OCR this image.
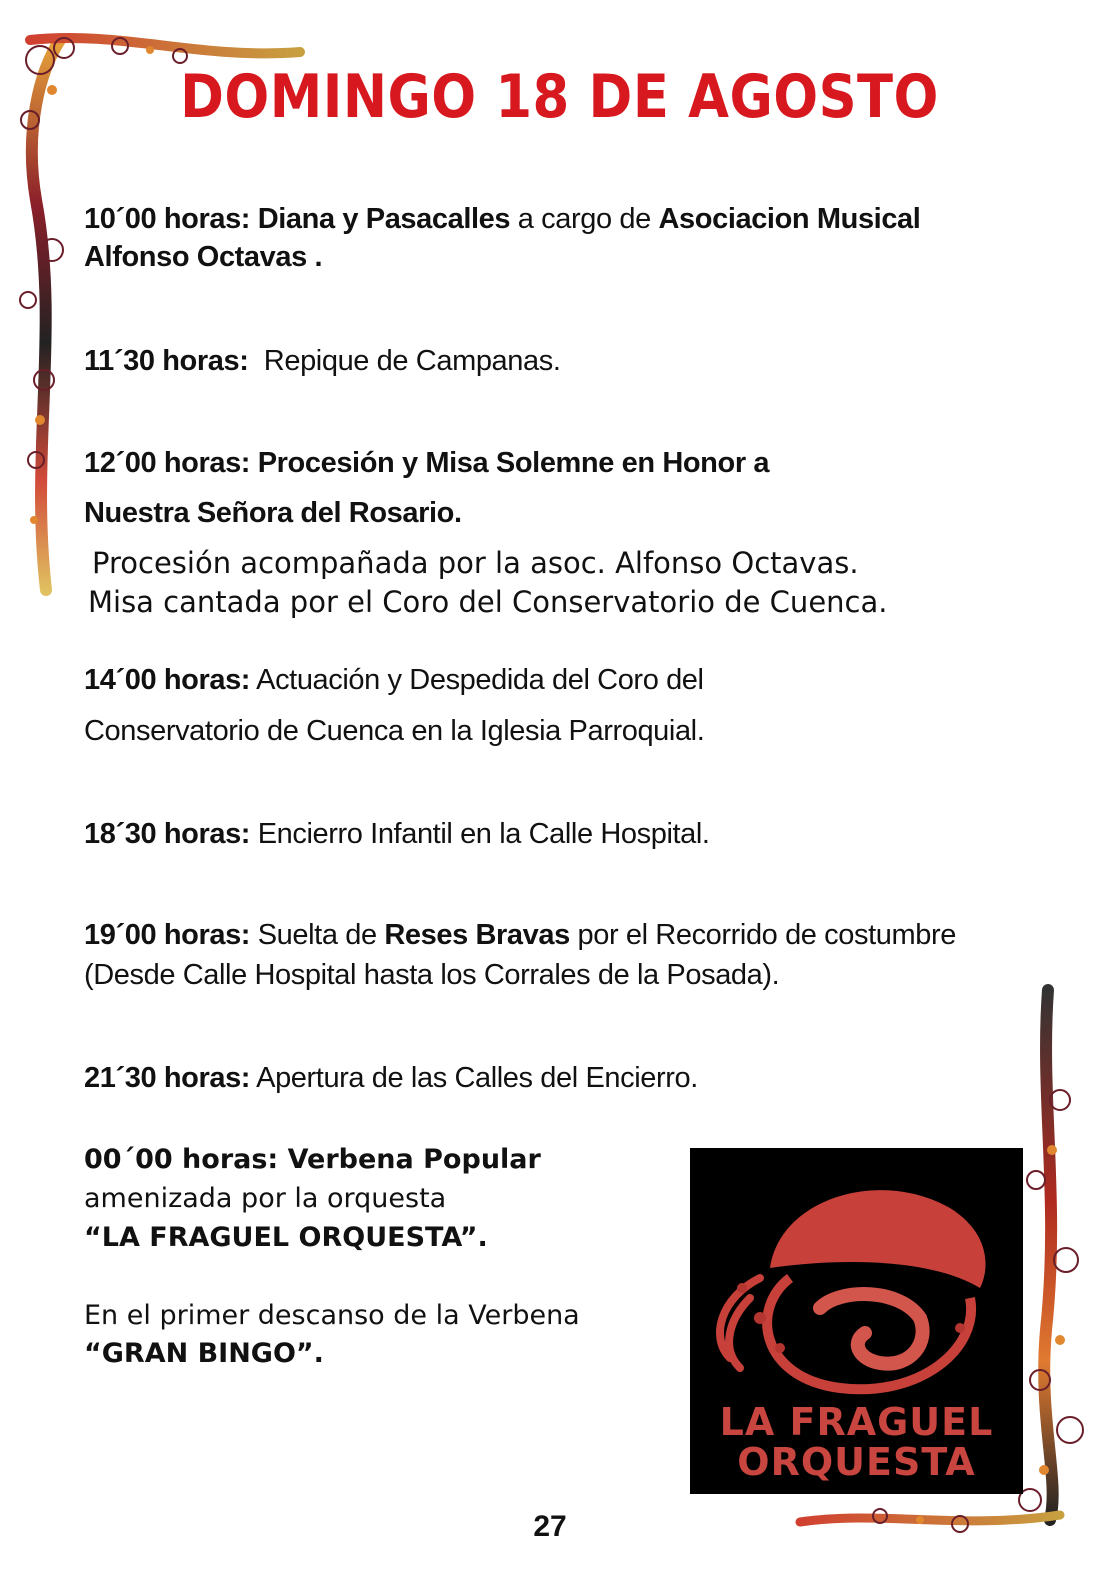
DOMINGO 18 DE AGOSTO

10´00 horas: Diana y Pasacalles a cargo de Asociacion Musical
Alfonso Octavas .

11´30 horas: Repique de Campanas.

12´00 horas: Procesión y Misa Solemne en Honor a

Nuestra Señora del Rosario.

Procesión acompañada por la asoc. Alfonso Octavas.

Misa cantada por el Coro del Conservatorio de Cuenca.

14´00 horas: Actuación y Despedida del Coro del

Conservatorio de Cuenca en la Iglesia Parroquial.

18´30 horas: Encierro Infantil en la Calle Hospital.

19´00 horas: Suelta de Reses Bravas por el Recorrido de costumbre

(Desde Calle Hospital hasta los Corrales de la Posada).

21´30 horas: Apertura de las Calles del Encierro.

00´00 horas: Verbena Popular

amenizada por la orquesta

“LA FRAGUEL ORQUESTA”.

En el primer descanso de la Verbena

“GRAN BINGO”.

LA FRAGUEL
ORQUESTA

27
